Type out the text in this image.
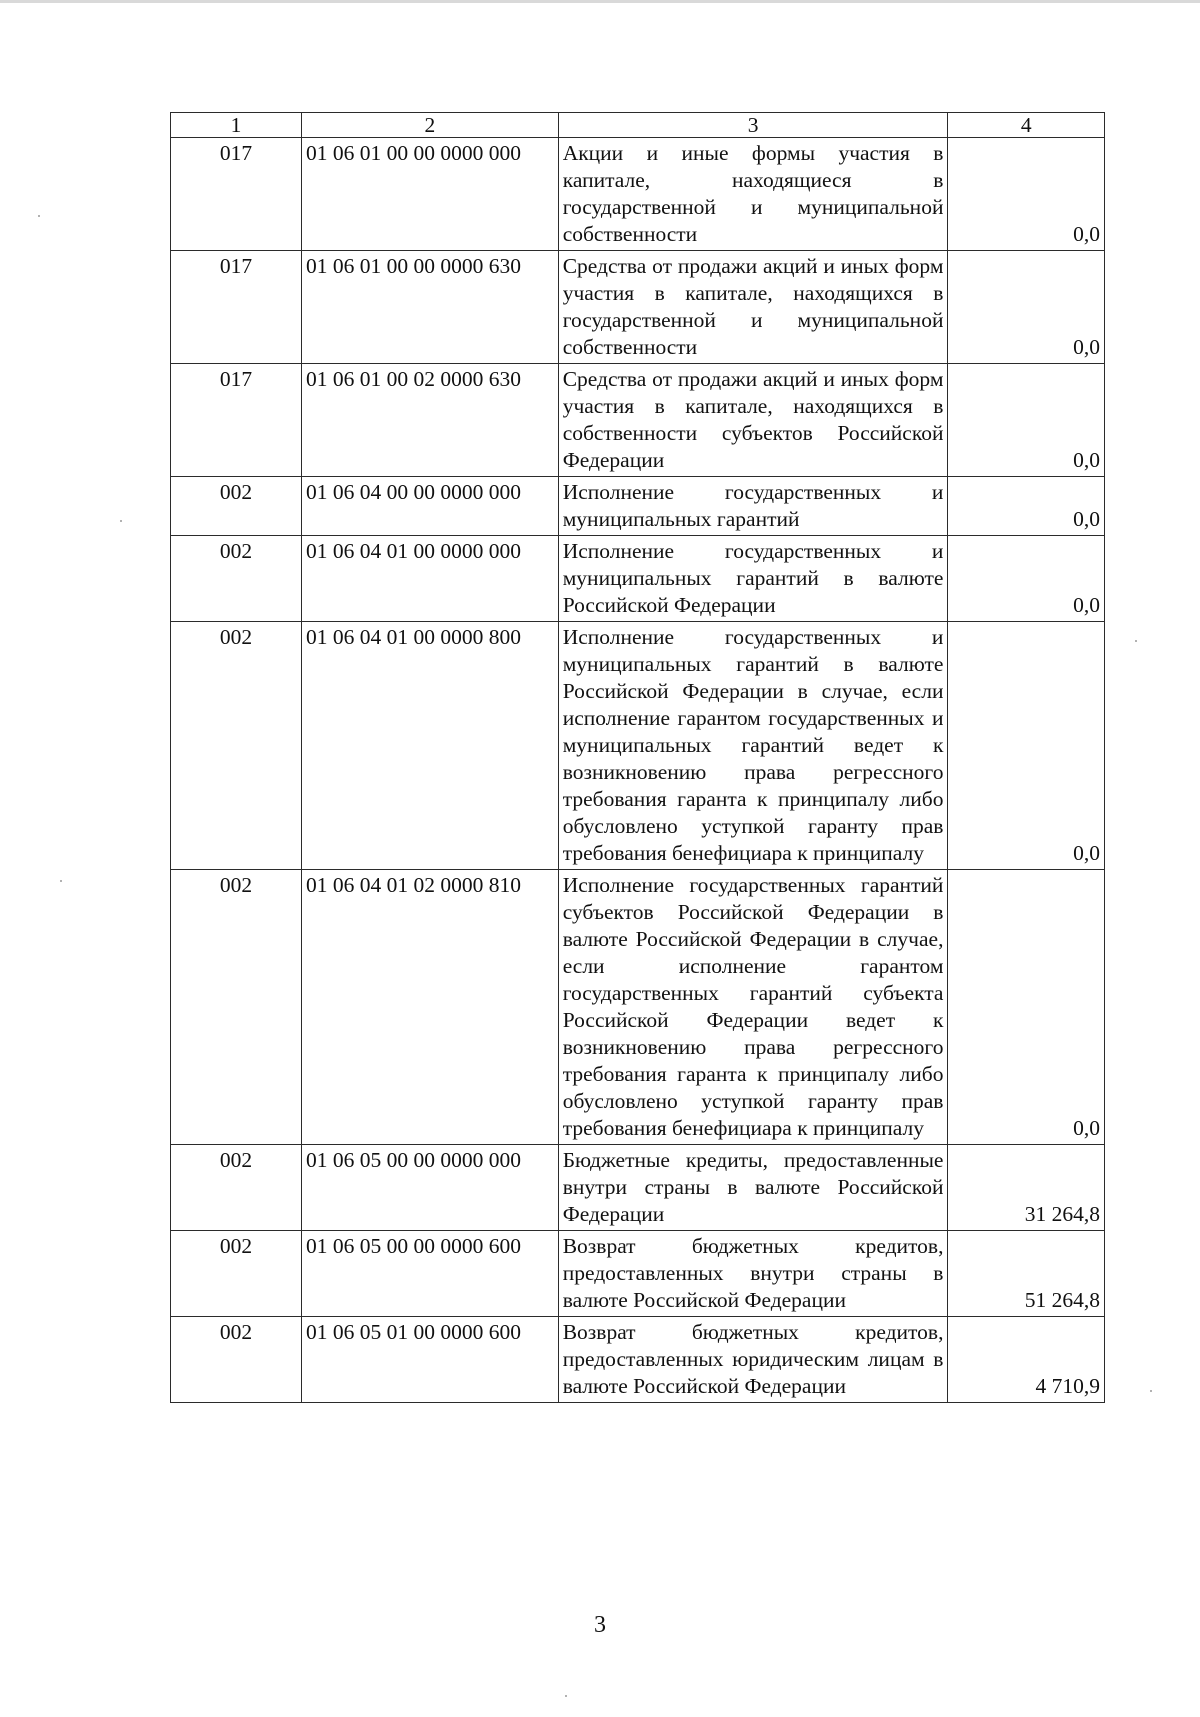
1	2	3	4
017	01 06 01 00 00 0000 000	Акции и иные формы участия в капитале, находящиеся в государственной и муниципальной собственности	0,0
017	01 06 01 00 00 0000 630	Средства от продажи акций и иных форм участия в капитале, находящихся в государственной и муниципальной собственности	0,0
017	01 06 01 00 02 0000 630	Средства от продажи акций и иных форм участия в капитале, находящихся в собственности субъектов Российской Федерации	0,0
002	01 06 04 00 00 0000 000	Исполнение государственных и муниципальных гарантий	0,0
002	01 06 04 01 00 0000 000	Исполнение государственных и муниципальных гарантий в валюте Российской Федерации	0,0
002	01 06 04 01 00 0000 800	Исполнение государственных и муниципальных гарантий в валюте Российской Федерации в случае, если исполнение гарантом государственных и муниципальных гарантий ведет к возникновению права регрессного требования гаранта к принципалу либо обусловлено уступкой гаранту прав требования бенефициара к принципалу	0,0
002	01 06 04 01 02 0000 810	Исполнение государственных гарантий субъектов Российской Федерации в валюте Российской Федерации в случае, если исполнение гарантом государственных гарантий субъекта Российской Федерации ведет к возникновению права регрессного требования гаранта к принципалу либо обусловлено уступкой гаранту прав требования бенефициара к принципалу	0,0
002	01 06 05 00 00 0000 000	Бюджетные кредиты, предоставленные внутри страны в валюте Российской Федерации	31 264,8
002	01 06 05 00 00 0000 600	Возврат бюджетных кредитов, предоставленных внутри страны в валюте Российской Федерации	51 264,8
002	01 06 05 01 00 0000 600	Возврат бюджетных кредитов, предоставленных юридическим лицам в валюте Российской Федерации	4 710,9
3
